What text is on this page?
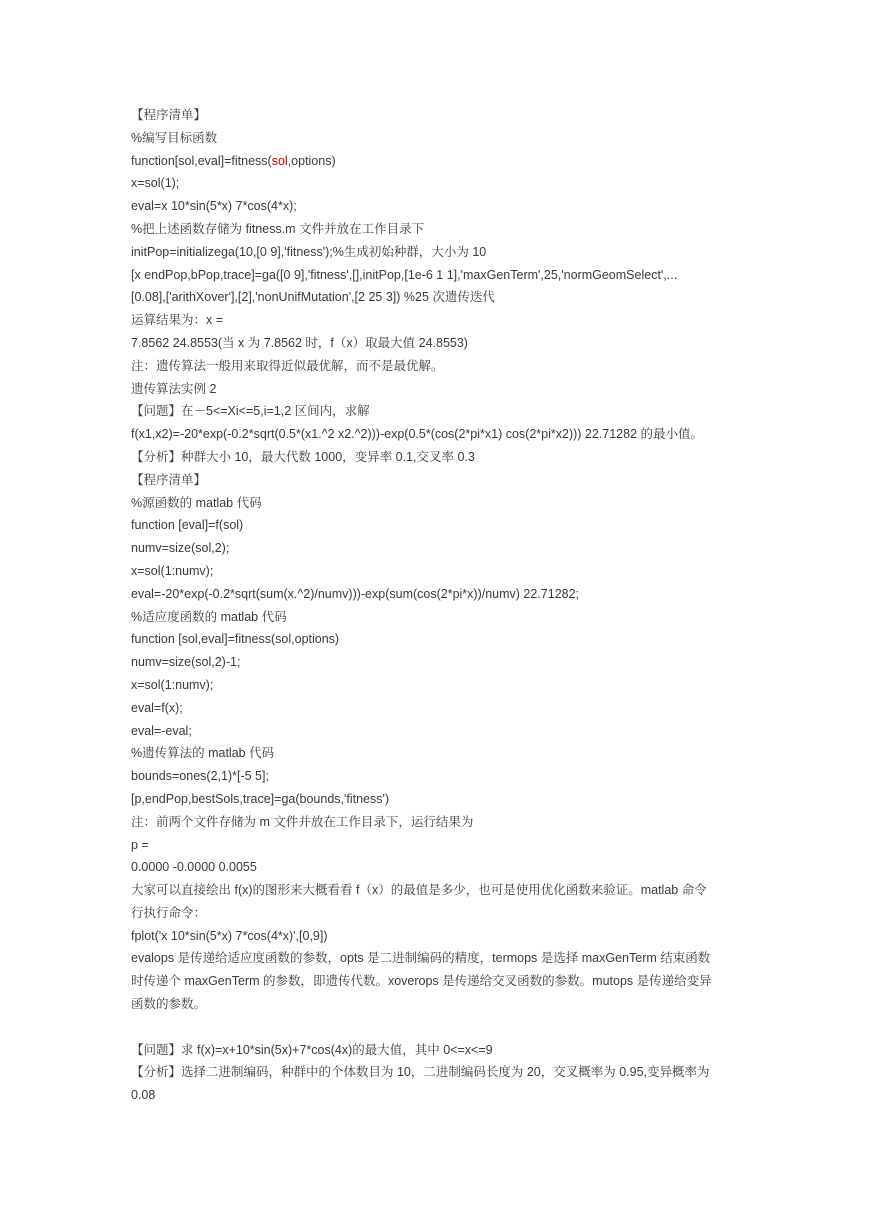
【程序清单】
%编写目标函数
function[sol,eval]=fitness(sol,options)
x=sol(1);
eval=x 10*sin(5*x) 7*cos(4*x);
%把上述函数存储为 fitness.m 文件并放在工作目录下
initPop=initializega(10,[0 9],'fitness');%生成初始种群，大小为 10
[x endPop,bPop,trace]=ga([0 9],'fitness',[],initPop,[1e-6 1 1],'maxGenTerm',25,'normGeomSelect',...
[0.08],['arithXover'],[2],'nonUnifMutation',[2 25 3]) %25 次遗传迭代
运算结果为：x =
7.8562 24.8553(当 x 为 7.8562 时，f（x）取最大值 24.8553)
注：遗传算法一般用来取得近似最优解，而不是最优解。
遗传算法实例 2
【问题】在－5<=Xi<=5,i=1,2 区间内，求解
f(x1,x2)=-20*exp(-0.2*sqrt(0.5*(x1.^2 x2.^2)))-exp(0.5*(cos(2*pi*x1) cos(2*pi*x2))) 22.71282 的最小值。
【分析】种群大小 10，最大代数 1000，变异率 0.1,交叉率 0.3
【程序清单】
%源函数的 matlab 代码
function [eval]=f(sol)
numv=size(sol,2);
x=sol(1:numv);
eval=-20*exp(-0.2*sqrt(sum(x.^2)/numv)))-exp(sum(cos(2*pi*x))/numv) 22.71282;
%适应度函数的 matlab 代码
function [sol,eval]=fitness(sol,options)
numv=size(sol,2)-1;
x=sol(1:numv);
eval=f(x);
eval=-eval;
%遗传算法的 matlab 代码
bounds=ones(2,1)*[-5 5];
[p,endPop,bestSols,trace]=ga(bounds,'fitness')
注：前两个文件存储为 m 文件并放在工作目录下，运行结果为
p =
0.0000 -0.0000 0.0055
大家可以直接绘出 f(x)的图形来大概看看 f（x）的最值是多少，也可是使用优化函数来验证。matlab 命令
行执行命令：
fplot('x 10*sin(5*x) 7*cos(4*x)',[0,9])
evalops 是传递给适应度函数的参数，opts 是二进制编码的精度，termops 是选择 maxGenTerm 结束函数
时传递个 maxGenTerm 的参数，即遗传代数。xoverops 是传递给交叉函数的参数。mutops 是传递给变异
函数的参数。
【问题】求 f(x)=x+10*sin(5x)+7*cos(4x)的最大值，其中 0<=x<=9
【分析】选择二进制编码，种群中的个体数目为 10，二进制编码长度为 20，交叉概率为 0.95,变异概率为
0.08
